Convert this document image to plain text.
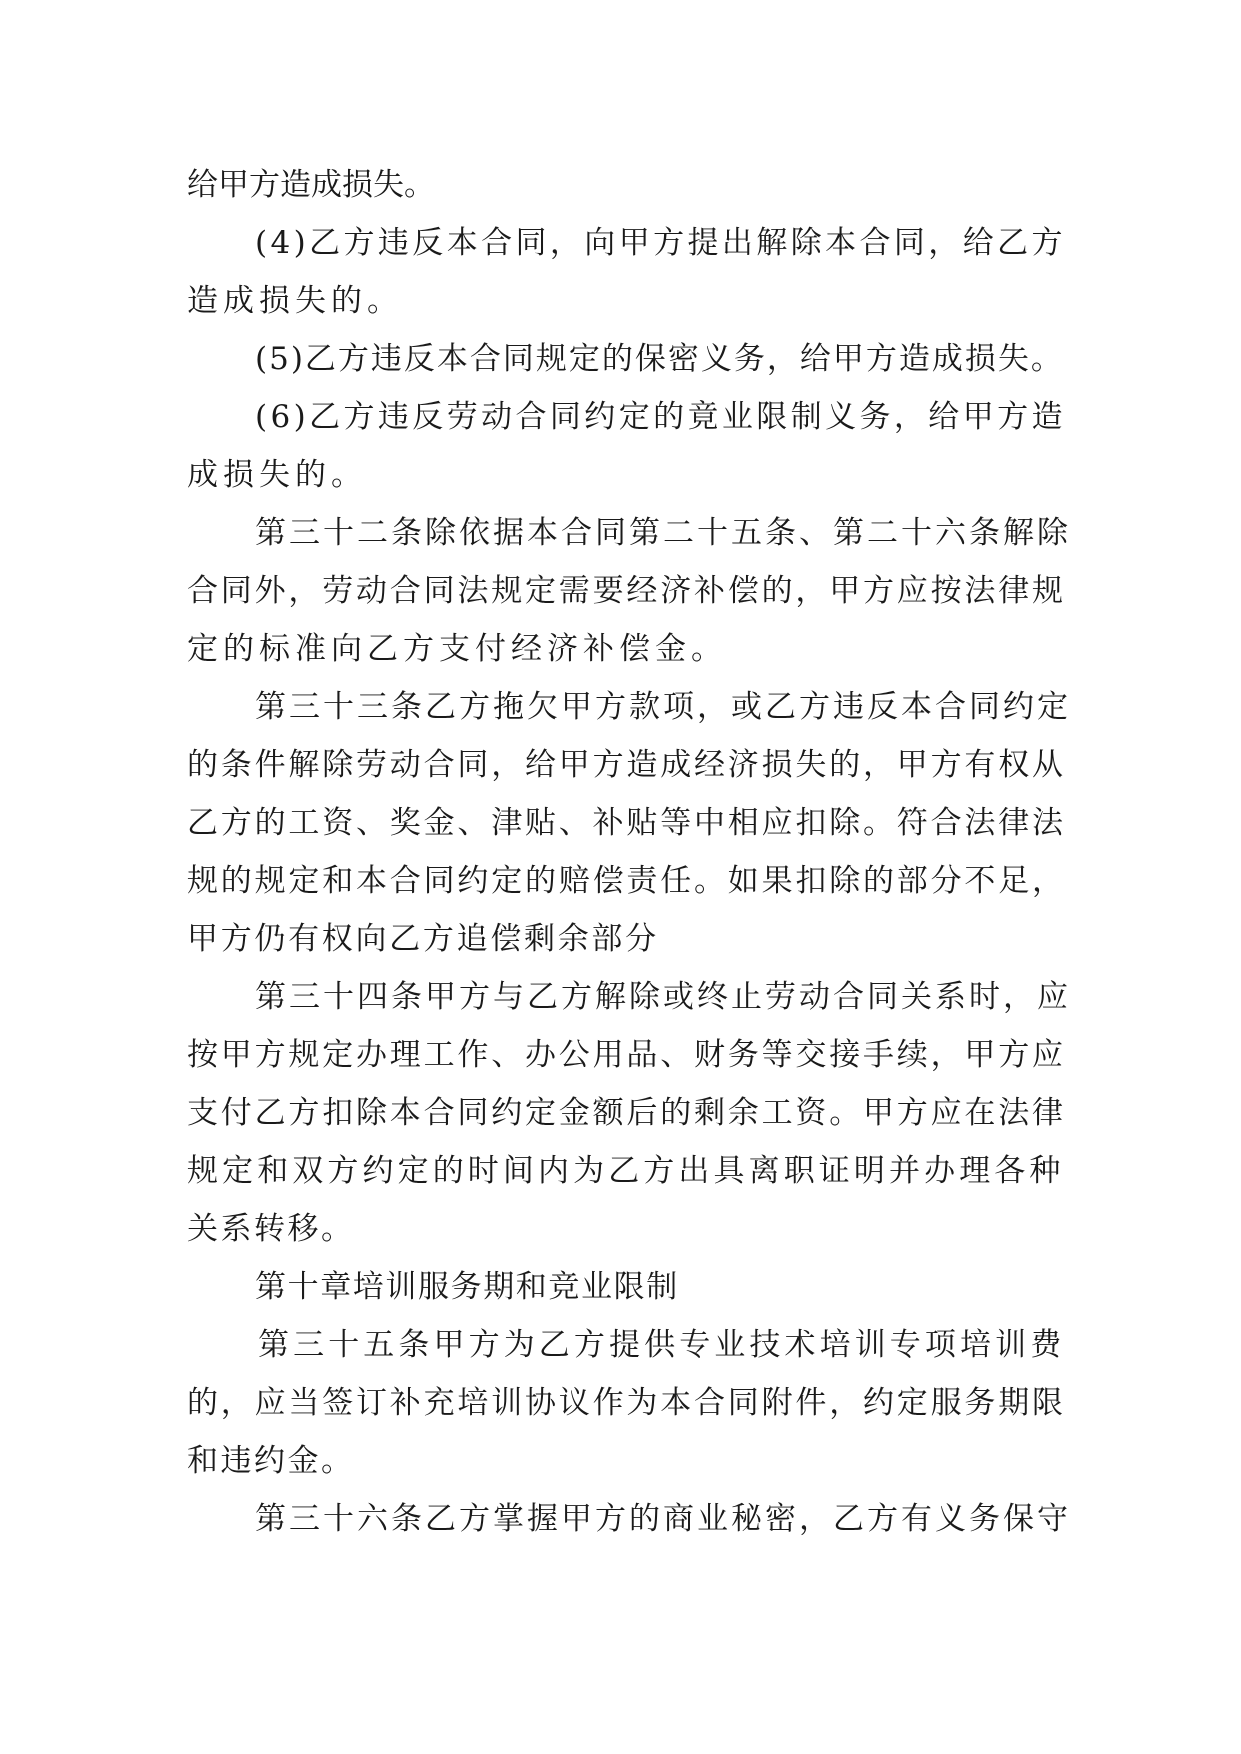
给甲方造成损失。
(4)乙方违反本合同，向甲方提出解除本合同，给乙方
造成损失的。
(5)乙方违反本合同规定的保密义务，给甲方造成损失。
(6)乙方违反劳动合同约定的竟业限制义务，给甲方造
成损失的。
第三十二条除依据本合同第二十五条、第二十六条解除
合同外，劳动合同法规定需要经济补偿的，甲方应按法律规
定的标准向乙方支付经济补偿金。
第三十三条乙方拖欠甲方款项，或乙方违反本合同约定
的条件解除劳动合同，给甲方造成经济损失的，甲方有权从
乙方的工资、奖金、津贴、补贴等中相应扣除。符合法律法
规的规定和本合同约定的赔偿责任。如果扣除的部分不足，
甲方仍有权向乙方追偿剩余部分
第三十四条甲方与乙方解除或终止劳动合同关系时，应
按甲方规定办理工作、办公用品、财务等交接手续，甲方应
支付乙方扣除本合同约定金额后的剩余工资。甲方应在法律
规定和双方约定的时间内为乙方出具离职证明并办理各种
关系转移。
第十章培训服务期和竞业限制
第三十五条甲方为乙方提供专业技术培训专项培训费
的，应当签订补充培训协议作为本合同附件，约定服务期限
和违约金。
第三十六条乙方掌握甲方的商业秘密，乙方有义务保守
